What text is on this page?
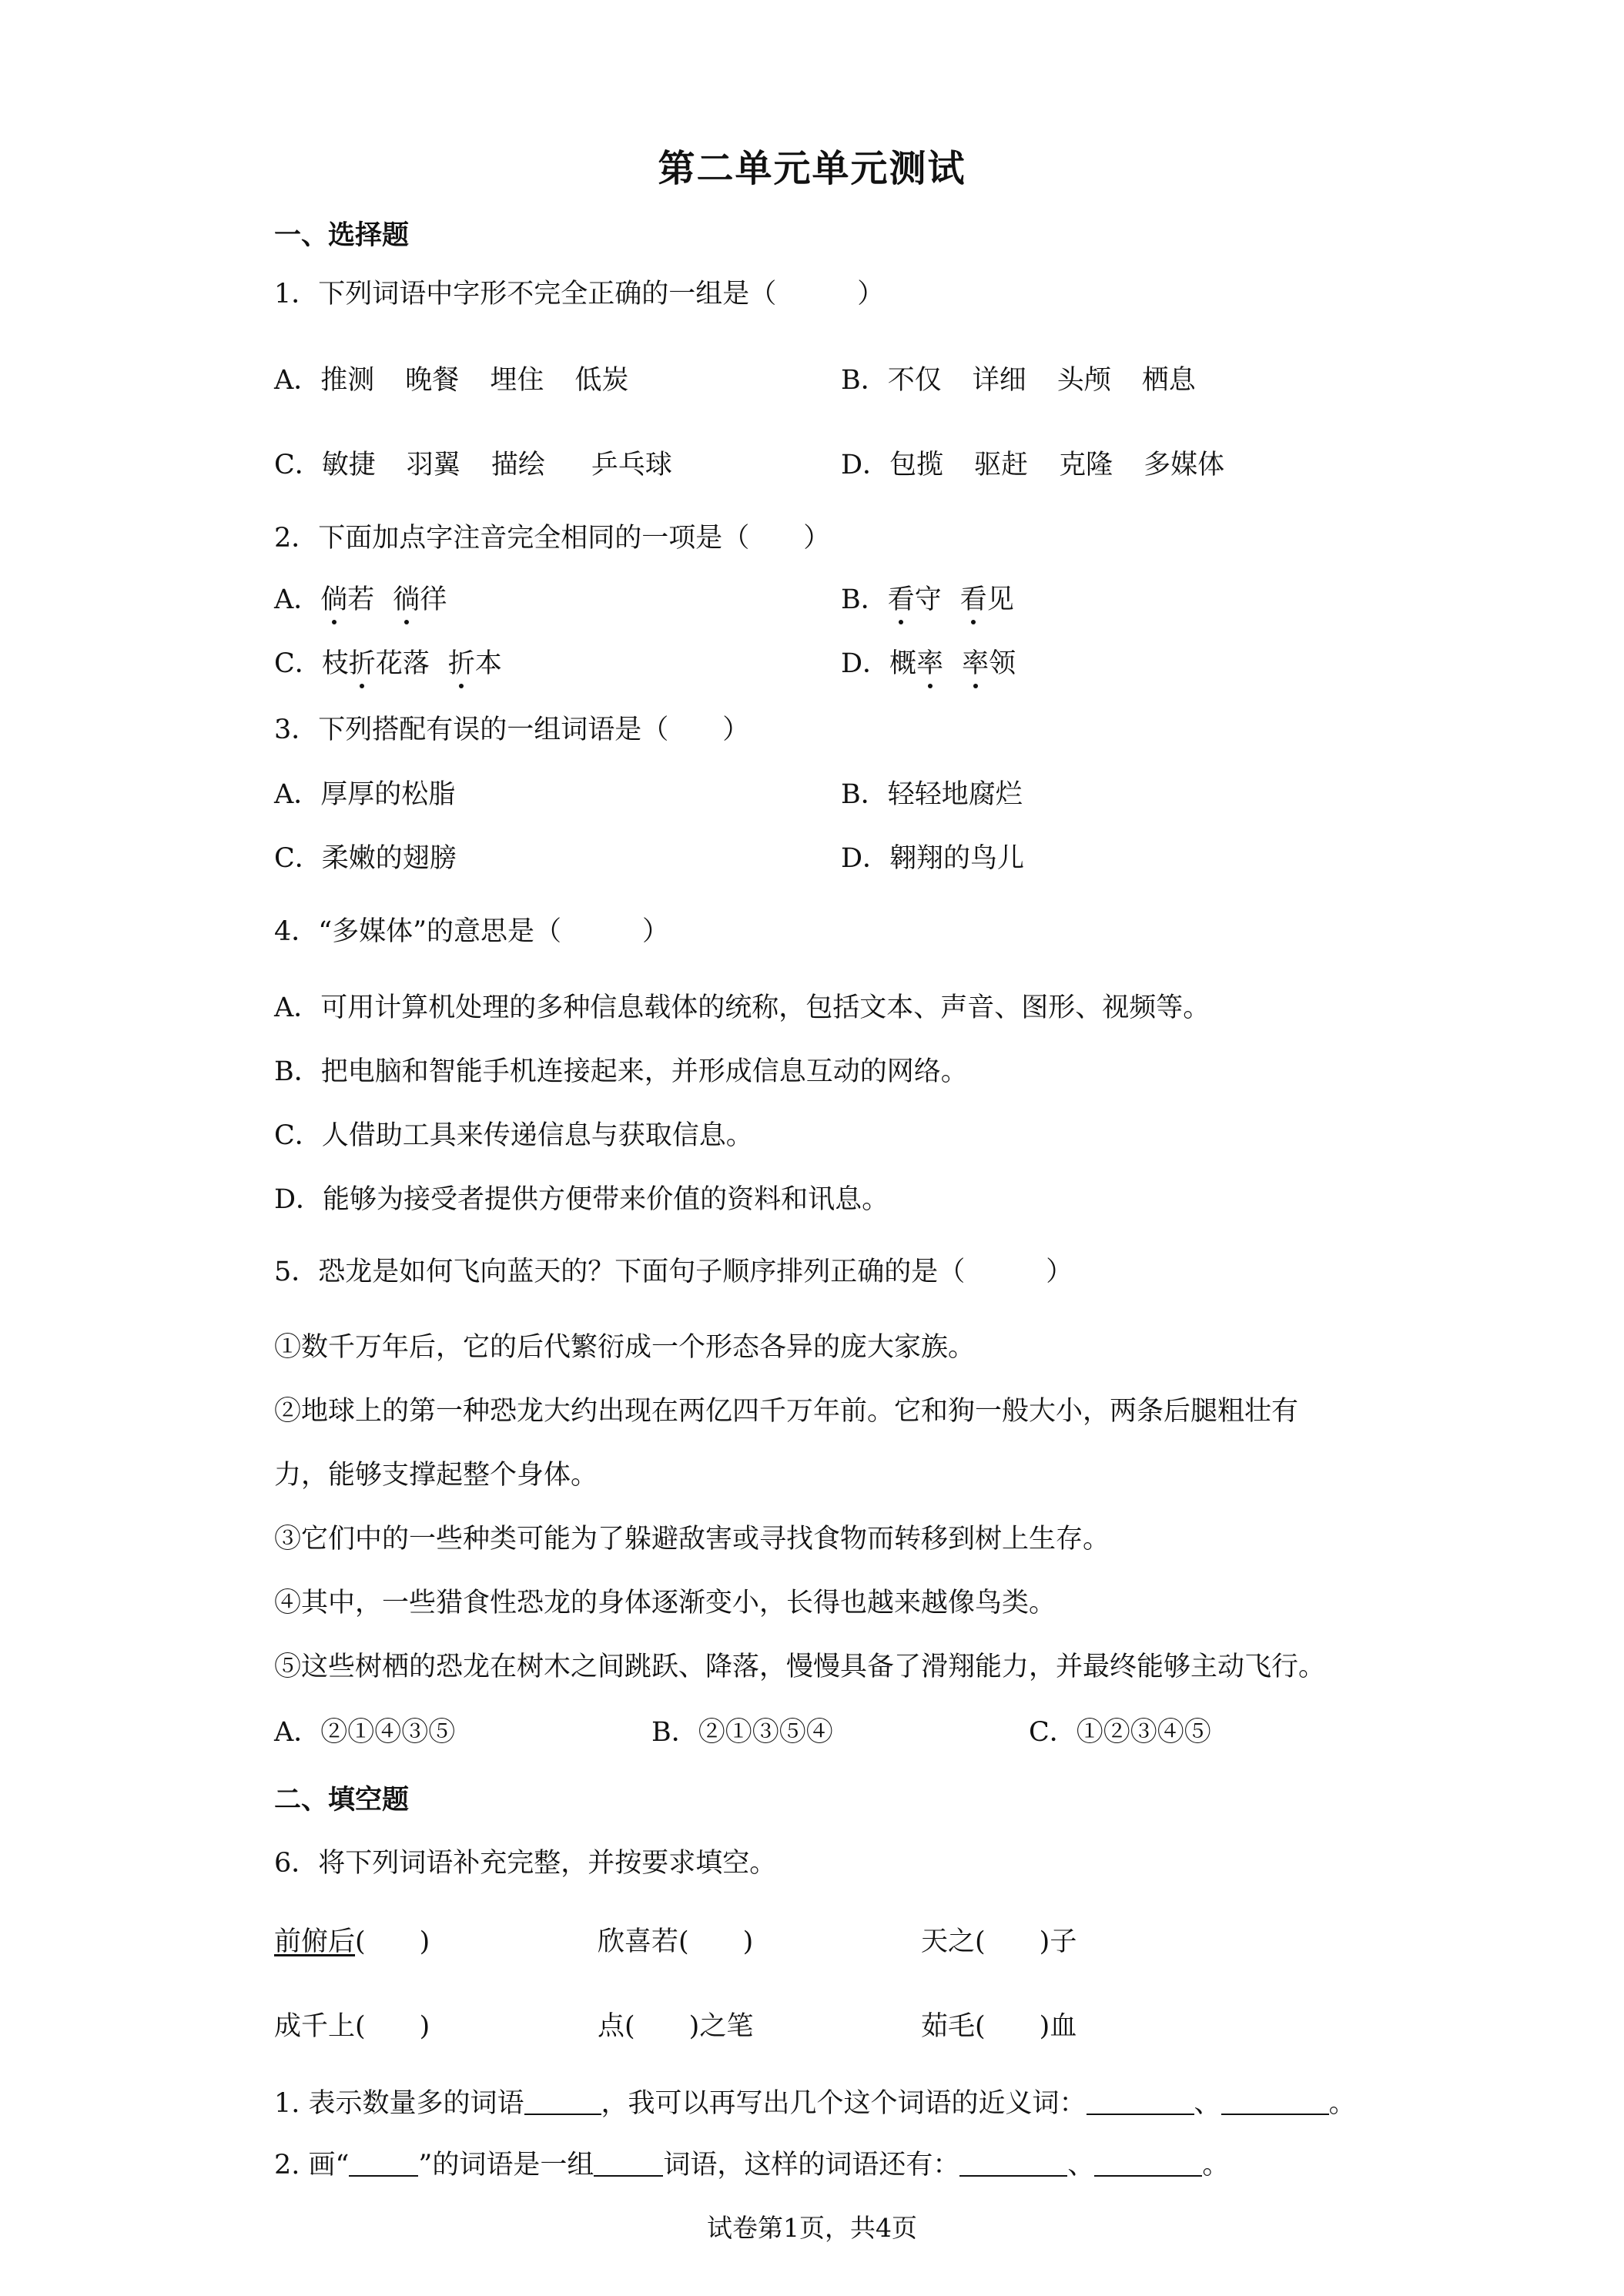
第二单元单元测试
一、选择题
1．下列词语中字形不完全正确的一组是（　　　）
A．推测 晚餐 埋住 低炭	B．不仅 详细 头颅 栖息
C．敏捷 羽翼 描绘 乒乓球	D．包揽 驱赶 克隆 多媒体
2．下面加点字注音完全相同的一项是（　　）
A．倘若 徜徉	B．看守 看见
C．枝折花落 折本	D．概率 率领
3．下列搭配有误的一组词语是（　　）
A．厚厚的松脂	B．轻轻地腐烂
C．柔嫩的翅膀	D．翱翔的鸟儿
4．“多媒体”的意思是（　　　）
A．可用计算机处理的多种信息载体的统称，包括文本、声音、图形、视频等。
B．把电脑和智能手机连接起来，并形成信息互动的网络。
C．人借助工具来传递信息与获取信息。
D．能够为接受者提供方便带来价值的资料和讯息。
5．恐龙是如何飞向蓝天的？下面句子顺序排列正确的是（　　　）
①数千万年后，它的后代繁衍成一个形态各异的庞大家族。
②地球上的第一种恐龙大约出现在两亿四千万年前。它和狗一般大小，两条后腿粗壮有
力，能够支撑起整个身体。
③它们中的一些种类可能为了躲避敌害或寻找食物而转移到树上生存。
④其中，一些猎食性恐龙的身体逐渐变小，长得也越来越像鸟类。
⑤这些树栖的恐龙在树木之间跳跃、降落，慢慢具备了滑翔能力，并最终能够主动飞行。
A．②①④③⑤	B．②①③⑤④	C．①②③④⑤
二、填空题
6．将下列词语补充完整，并按要求填空。
前俯后(　　)	欣喜若(　　)	天之(　　)子
成千上(　　)	点(　　)之笔	茹毛(　　)血
1. 表示数量多的词语	，我可以再写出几个这个词语的近义词：	、	。
2. 画“	”的词语是一组	词语，这样的词语还有：	、	。
试卷第1页，共4页
